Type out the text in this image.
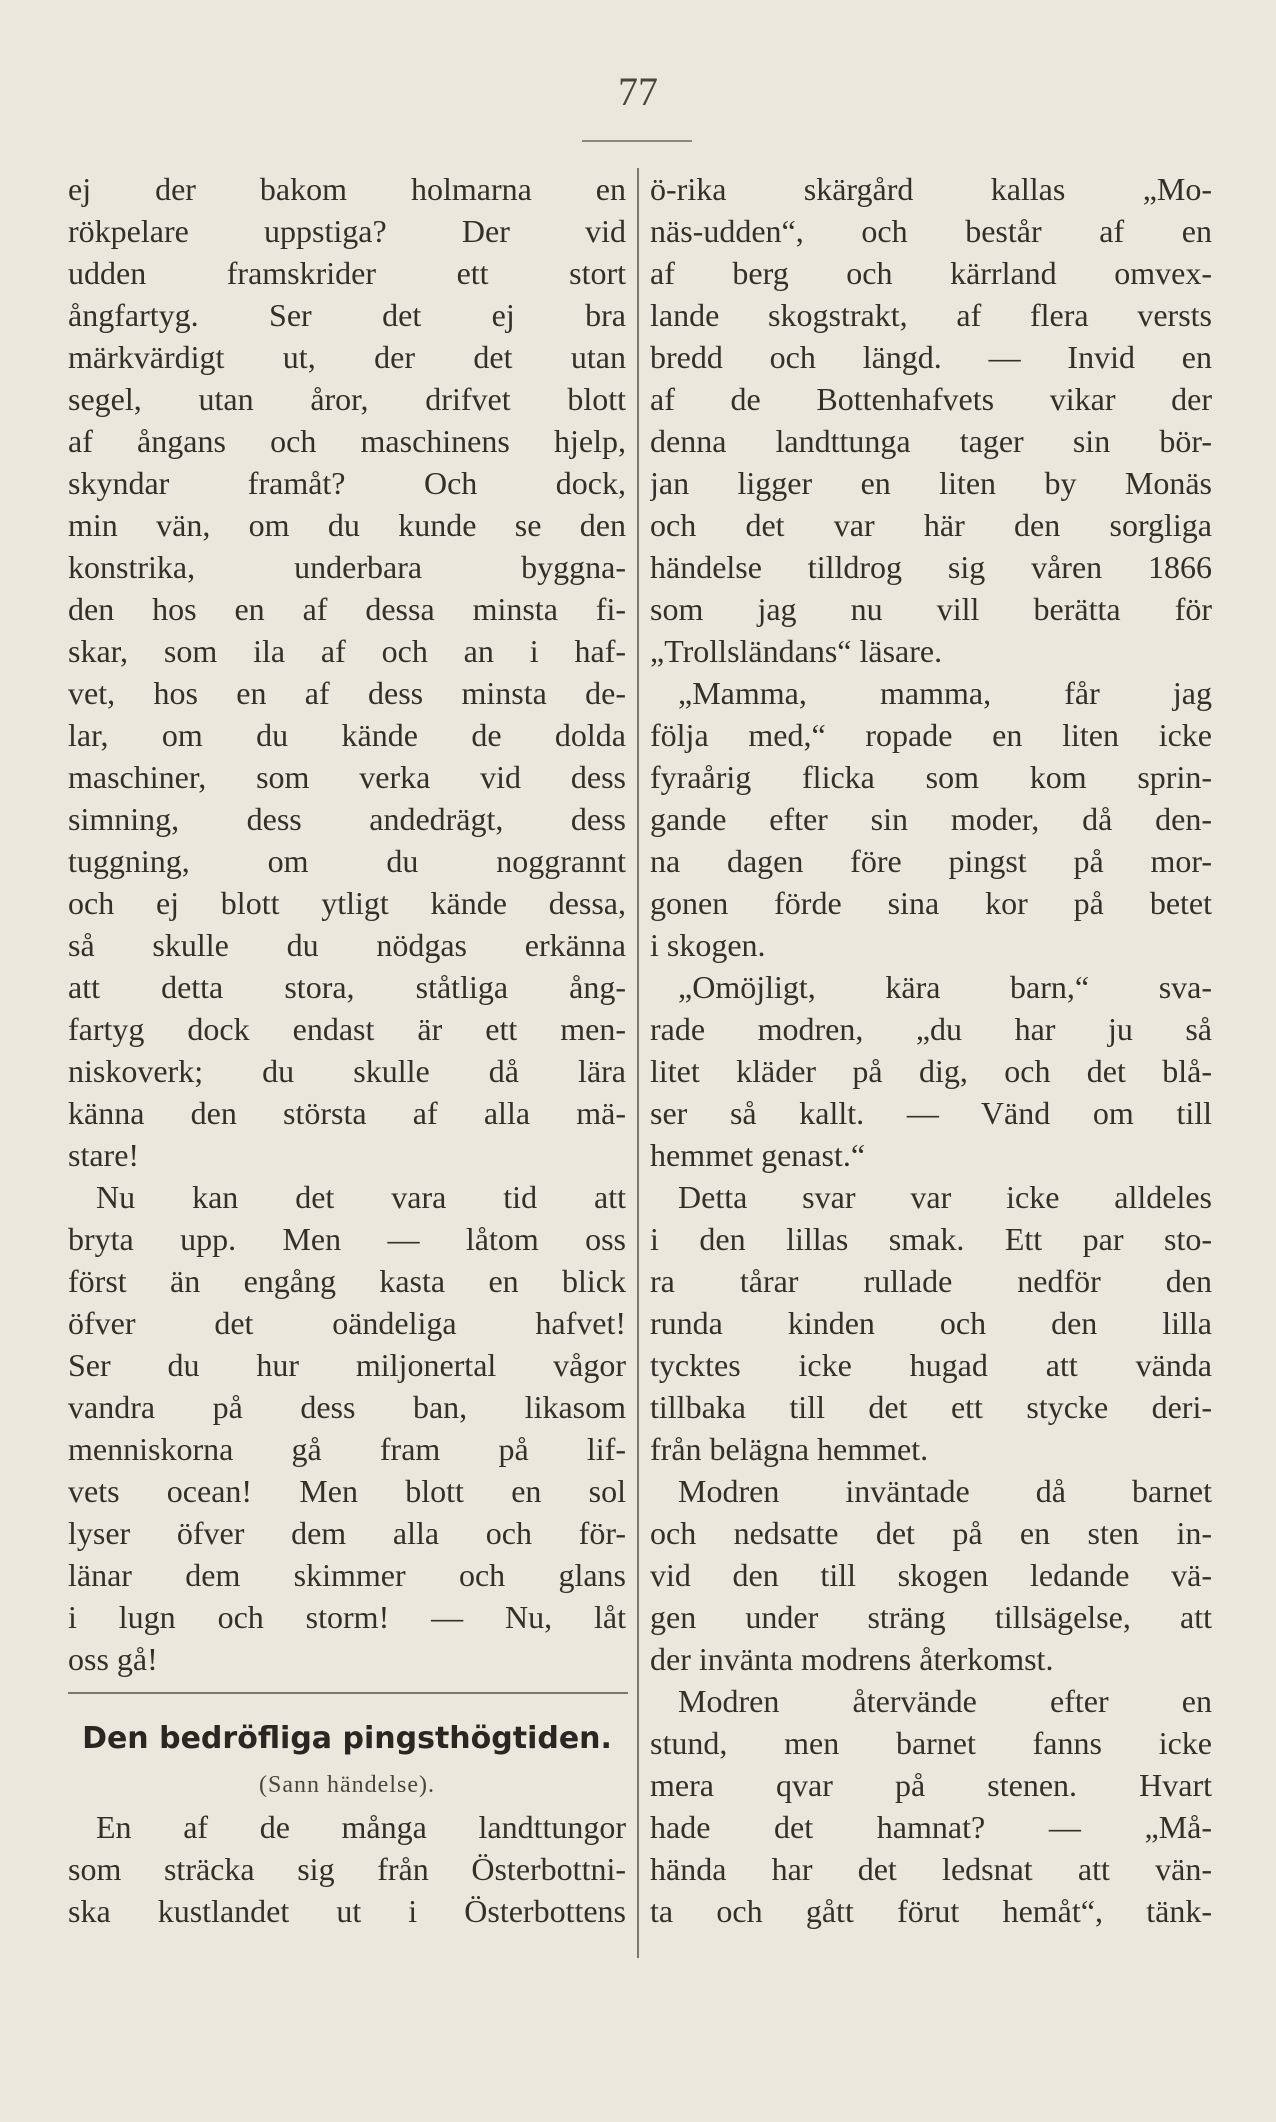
77
ej der bakom holmarna en
rökpelare uppstiga? Der vid
udden framskrider ett stort
ångfartyg. Ser det ej bra
märkvärdigt ut, der det utan
segel, utan åror, drifvet blott
af ångans och maschinens hjelp,
skyndar framåt? Och dock,
min vän, om du kunde se den
konstrika, underbara byggna-
den hos en af dessa minsta fi-
skar, som ila af och an i haf-
vet, hos en af dess minsta de-
lar, om du kände de dolda
maschiner, som verka vid dess
simning, dess andedrägt, dess
tuggning, om du noggrannt
och ej blott ytligt kände dessa,
så skulle du nödgas erkänna
att detta stora, ståtliga ång-
fartyg dock endast är ett men-
niskoverk; du skulle då lära
känna den största af alla mä-
stare!
Nu kan det vara tid att
bryta upp. Men — låtom oss
först än engång kasta en blick
öfver det oändeliga hafvet!
Ser du hur miljonertal vågor
vandra på dess ban, likasom
menniskorna gå fram på lif-
vets ocean! Men blott en sol
lyser öfver dem alla och för-
länar dem skimmer och glans
i lugn och storm! — Nu, låt
oss gå!
Den bedröfliga pingsthögtiden.
(Sann händelse).
En af de många landttungor
som sträcka sig från Österbottni-
ska kustlandet ut i Österbottens
ö-rika skärgård kallas „Mo-
näs-udden“, och består af en
af berg och kärrland omvex-
lande skogstrakt, af flera versts
bredd och längd. — Invid en
af de Bottenhafvets vikar der
denna landttunga tager sin bör-
jan ligger en liten by Monäs
och det var här den sorgliga
händelse tilldrog sig våren 1866
som jag nu vill berätta för
„Trollsländans“ läsare.
„Mamma, mamma, får jag
följa med,“ ropade en liten icke
fyraårig flicka som kom sprin-
gande efter sin moder, då den-
na dagen före pingst på mor-
gonen förde sina kor på betet
i skogen.
„Omöjligt, kära barn,“ sva-
rade modren, „du har ju så
litet kläder på dig, och det blå-
ser så kallt. — Vänd om till
hemmet genast.“
Detta svar var icke alldeles
i den lillas smak. Ett par sto-
ra tårar rullade nedför den
runda kinden och den lilla
tycktes icke hugad att vända
tillbaka till det ett stycke deri-
från belägna hemmet.
Modren inväntade då barnet
och nedsatte det på en sten in-
vid den till skogen ledande vä-
gen under sträng tillsägelse, att
der invänta modrens återkomst.
Modren återvände efter en
stund, men barnet fanns icke
mera qvar på stenen. Hvart
hade det hamnat? — „Må-
hända har det ledsnat att vän-
ta och gått förut hemåt“, tänk-
